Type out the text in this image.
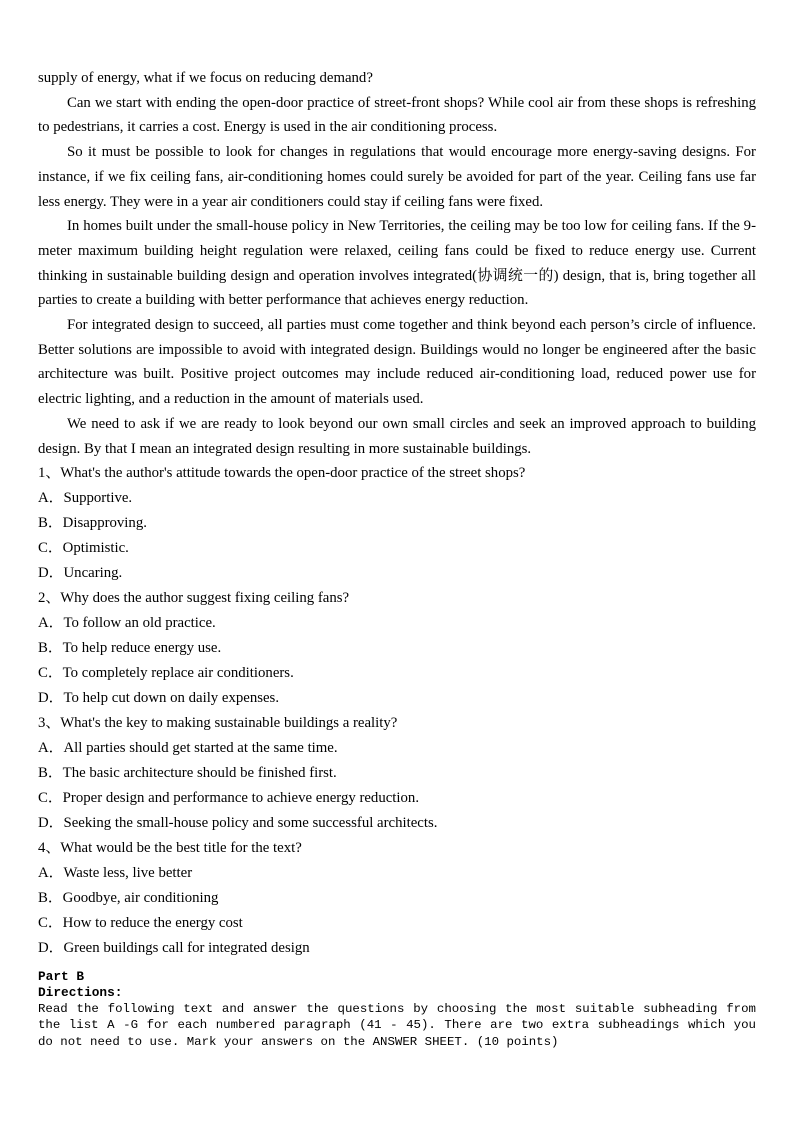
supply of energy, what if we focus on reducing demand?

Can we start with ending the open-door practice of street-front shops? While cool air from these shops is refreshing to pedestrians, it carries a cost. Energy is used in the air conditioning process.

So it must be possible to look for changes in regulations that would encourage more energy-saving designs. For instance, if we fix ceiling fans, air-conditioning homes could surely be avoided for part of the year. Ceiling fans use far less energy. They were in a year air conditioners could stay if ceiling fans were fixed.

In homes built under the small-house policy in New Territories, the ceiling may be too low for ceiling fans. If the 9-meter maximum building height regulation were relaxed, ceiling fans could be fixed to reduce energy use. Current thinking in sustainable building design and operation involves integrated(协调统一的) design, that is, bring together all parties to create a building with better performance that achieves energy reduction.

For integrated design to succeed, all parties must come together and think beyond each person’s circle of influence. Better solutions are impossible to avoid with integrated design. Buildings would no longer be engineered after the basic architecture was built. Positive project outcomes may include reduced air-conditioning load, reduced power use for electric lighting, and a reduction in the amount of materials used.

We need to ask if we are ready to look beyond our own small circles and seek an improved approach to building design. By that I mean an integrated design resulting in more sustainable buildings.

1、What's the author's attitude towards the open-door practice of the street shops?

A．Supportive.

B．Disapproving.

C．Optimistic.

D．Uncaring.

2、Why does the author suggest fixing ceiling fans?

A．To follow an old practice.

B．To help reduce energy use.

C．To completely replace air conditioners.

D．To help cut down on daily expenses.

3、What's the key to making sustainable buildings a reality?

A．All parties should get started at the same time.

B．The basic architecture should be finished first.

C．Proper design and performance to achieve energy reduction.

D．Seeking the small-house policy and some successful architects.

4、What would be the best title for the text?

A．Waste less, live better

B．Goodbye, air conditioning

C．How to reduce the energy cost

D．Green buildings call for integrated design

Part B

Directions:

Read the following text and answer the questions by choosing the most suitable subheading from the list A -G for each numbered paragraph (41 - 45). There are two extra subheadings which you do not need to use. Mark your answers on the ANSWER SHEET. (10 points)
